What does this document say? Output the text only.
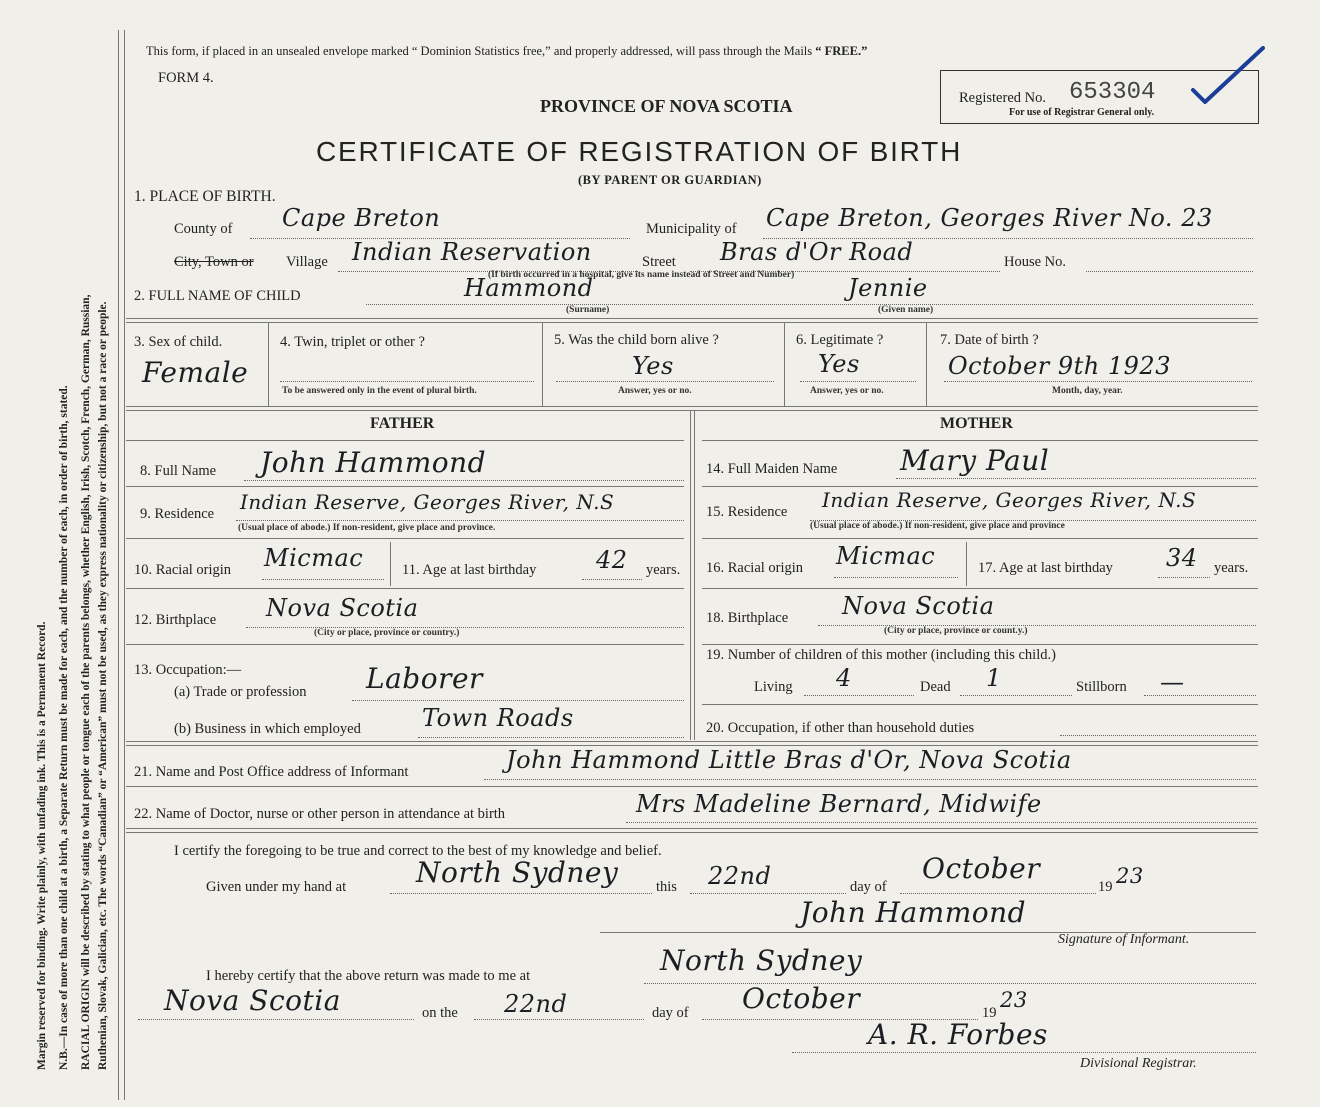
Margin reserved for binding. Write plainly, with unfading ink. This is a Permanent Record. N.B.—In case of more than one child at a birth, a Separate Return must be made for each, and the number of each, in order of birth, stated. RACIAL ORIGIN will be described by stating to what people or tongue each of the parents belongs, whether English, Irish, Scotch, French, German, Russian, Ruthenian, Slovak, Galician, etc. The words “Canadian” or “American” must not be used, as they express nationality or citizenship, but not a race or people.
This form, if placed in an unsealed envelope marked “ Dominion Statistics free,” and properly addressed, will pass through the Mails “ FREE.”
FORM 4.
PROVINCE OF NOVA SCOTIA	Registered No. 653304
For use of Registrar General only.
CERTIFICATE OF REGISTRATION OF BIRTH
(BY PARENT OR GUARDIAN)
1. PLACE OF BIRTH.
County of Cape Breton	Municipality of Cape Breton, Georges River No. 23
City, Town or Village Indian Reservation	Street Bras d'Or Road	House No.
(If birth occurred in a hospital, give its name instead of Street and Number)
2. FULL NAME OF CHILD	Hammond	Jennie
(Surname)	(Given name)
3. Sex of child.
Female
4. Twin, triplet or other ?
To be answered only in the event of plural birth.
5. Was the child born alive ?
Yes
Answer, yes or no.
6. Legitimate ?
Yes
Answer, yes or no.
7. Date of birth ?
October 9th 1923
Month, day, year.
FATHER	MOTHER
8. Full Name John Hammond
9. Residence Indian Reserve, Georges River, N.S
(Usual place of abode.) If non-resident, give place and province.
10. Racial origin Micmac	11. Age at last birthday 42 years.
12. Birthplace Nova Scotia
(City or place, province or country.)
13. Occupation:—
(a) Trade or profession Laborer
(b) Business in which employed	Town Roads
14. Full Maiden Name Mary Paul
15. Residence Indian Reserve, Georges River, N.S
(Usual place of abode.) If non-resident, give place and province
16. Racial origin Micmac	17. Age at last birthday 34 years.
18. Birthplace Nova Scotia
(City or place, province or count.y.)
19. Number of children of this mother (including this child.)
Living 4	Dead 1	Stillborn —
20. Occupation, if other than household duties
21. Name and Post Office address of Informant	John Hammond Little Bras d'Or, Nova Scotia
22. Name of Doctor, nurse or other person in attendance at birth	Mrs Madeline Bernard, Midwife
I certify the foregoing to be true and correct to the best of my knowledge and belief.
Given under my hand at North Sydney	this 22nd	day of
October
19 23
John Hammond
Signature of Informant.
I hereby certify that the above return was made to me at	North Sydney
Nova Scotia	on the 22nd	day of October	19
23
A. R. Forbes
Divisional Registrar.
